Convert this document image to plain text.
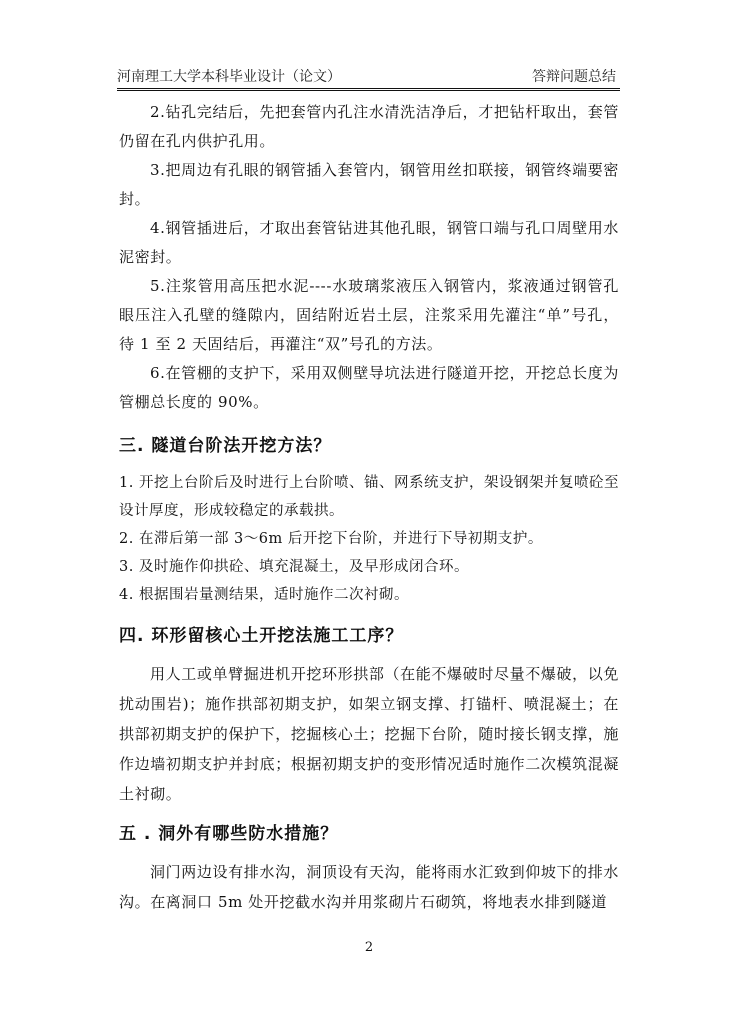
河南理工大学本科毕业设计（论文）	答辩问题总结

2.钻孔完结后，先把套管内孔注水清洗洁净后，才把钻杆取出，套管仍留在孔内供护孔用。

3.把周边有孔眼的钢管插入套管内，钢管用丝扣联接，钢管终端要密封。

4.钢管插进后，才取出套管钻进其他孔眼，钢管口端与孔口周壁用水泥密封。

5.注浆管用高压把水泥----水玻璃浆液压入钢管内，浆液通过钢管孔眼压注入孔壁的缝隙内，固结附近岩土层，注浆采用先灌注“单”号孔，待 1 至 2 天固结后，再灌注“双”号孔的方法。

6.在管棚的支护下，采用双侧壁导坑法进行隧道开挖，开挖总长度为管棚总长度的 90%。

三. 隧道台阶法开挖方法？

1. 开挖上台阶后及时进行上台阶喷、锚、网系统支护，架设钢架并复喷砼至设计厚度，形成较稳定的承载拱。

2. 在滞后第一部 3～6m 后开挖下台阶，并进行下导初期支护。

3. 及时施作仰拱砼、填充混凝土，及早形成闭合环。

4. 根据围岩量测结果，适时施作二次衬砌。

四. 环形留核心土开挖法施工工序？

用人工或单臂掘进机开挖环形拱部（在能不爆破时尽量不爆破，以免扰动围岩)；施作拱部初期支护，如架立钢支撑、打锚杆、喷混凝土；在拱部初期支护的保护下，挖掘核心土；挖掘下台阶，随时接长钢支撑，施作边墙初期支护并封底；根据初期支护的变形情况适时施作二次模筑混凝土衬砌。

五 . 洞外有哪些防水措施？

洞门两边设有排水沟，洞顶设有天沟，能将雨水汇致到仰坡下的排水沟。在离洞口 5m 处开挖截水沟并用浆砌片石砌筑，将地表水排到隧道

2
